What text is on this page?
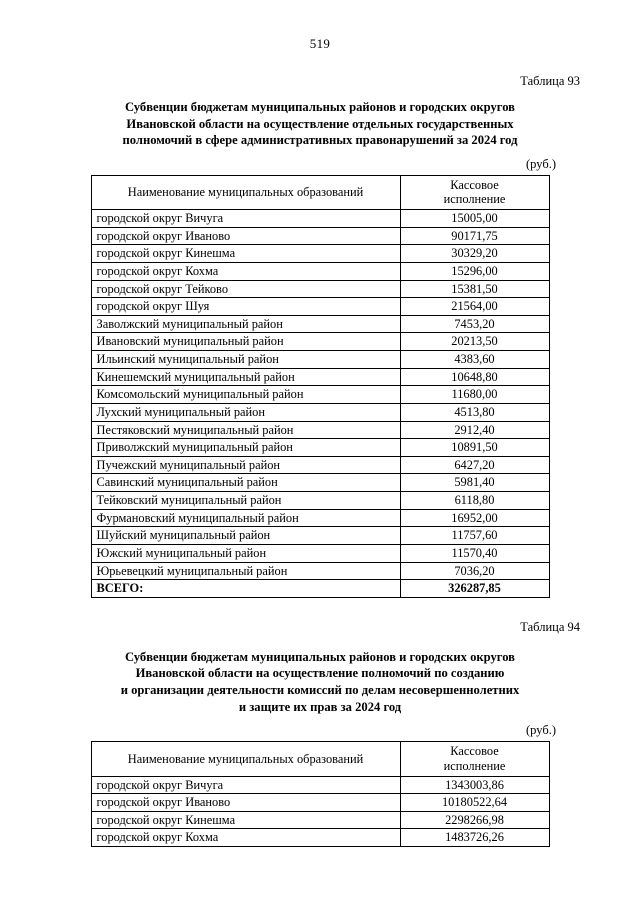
519
Таблица 93
Субвенции бюджетам муниципальных районов и городских округов
Ивановской области на осуществление отдельных государственных
полномочий в сфере административных правонарушений за 2024 год
(руб.)
Наименование муниципальных образований	Кассовое
исполнение

городской округ Вичуга	15005,00
городской округ Иваново	90171,75
городской округ Кинешма	30329,20
городской округ Кохма	15296,00
городской округ Тейково	15381,50
городской округ Шуя	21564,00
Заволжский муниципальный район	7453,20
Ивановский муниципальный район	20213,50
Ильинский муниципальный район	4383,60
Кинешемский муниципальный район	10648,80
Комсомольский муниципальный район	11680,00
Лухский муниципальный район	4513,80
Пестяковский муниципальный район	2912,40
Приволжский муниципальный район	10891,50
Пучежский муниципальный район	6427,20
Савинский муниципальный район	5981,40
Тейковский муниципальный район	6118,80
Фурмановский муниципальный район	16952,00
Шуйский муниципальный район	11757,60
Южский муниципальный район	11570,40
Юрьевецкий муниципальный район	7036,20
ВСЕГО:	326287,85
Таблица 94
Субвенции бюджетам муниципальных районов и городских округов
Ивановской области на осуществление полномочий по созданию
и организации деятельности комиссий по делам несовершеннолетних
и защите их прав за 2024 год
(руб.)
Наименование муниципальных образований	Кассовое
исполнение

городской округ Вичуга	1343003,86
городской округ Иваново	10180522,64
городской округ Кинешма	2298266,98
городской округ Кохма	1483726,26
